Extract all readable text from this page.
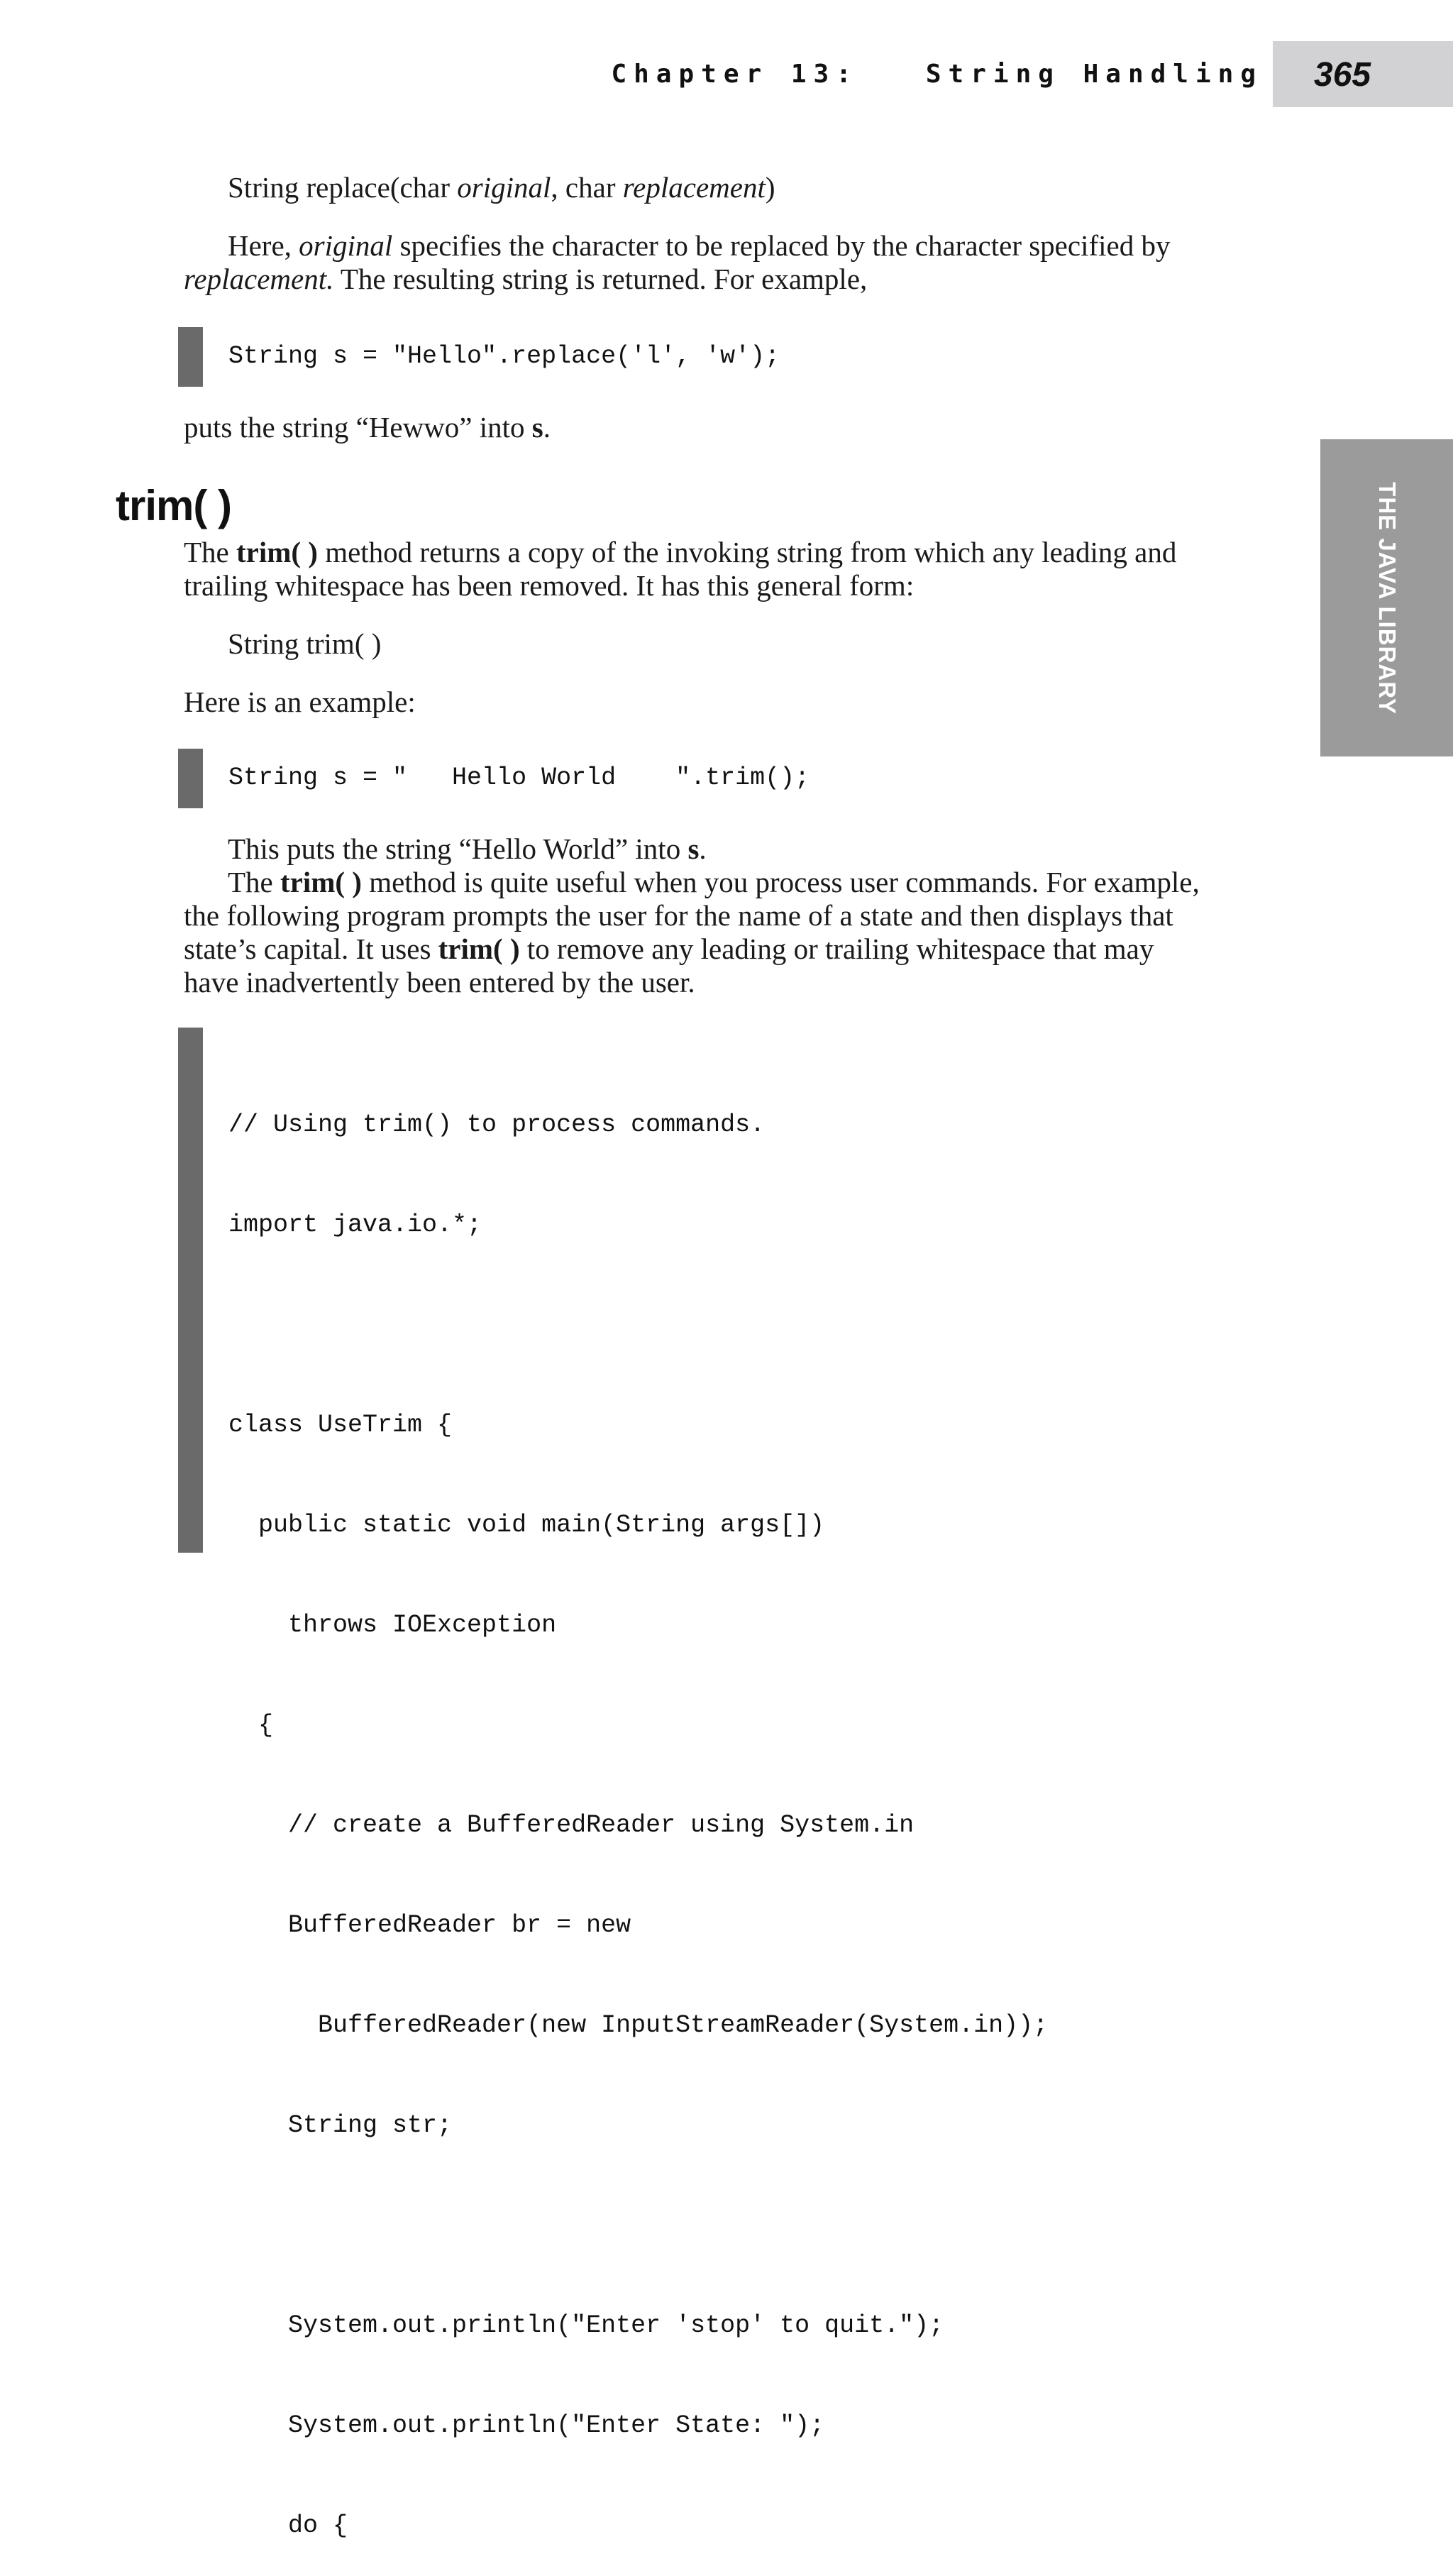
Chapter 13:   String Handling 365
THE JAVA LIBRARY
String replace(char original, char replacement)
Here, original specifies the character to be replaced by the character specified by
replacement. The resulting string is returned. For example,
String s = "Hello".replace('l', 'w');
puts the string “Hewwo” into s.
trim( )
The trim( ) method returns a copy of the invoking string from which any leading and
trailing whitespace has been removed. It has this general form:
String trim( )
Here is an example:
String s = "   Hello World    ".trim();
This puts the string “Hello World” into s.
The trim( ) method is quite useful when you process user commands. For example,
the following program prompts the user for the name of a state and then displays that
state’s capital. It uses trim( ) to remove any leading or trailing whitespace that may
have inadvertently been entered by the user.

// Using trim() to process commands.

import java.io.*;

class UseTrim {

public static void main(String args[])

throws IOException

{

// create a BufferedReader using System.in

BufferedReader br = new

BufferedReader(new InputStreamReader(System.in));

String str;

System.out.println("Enter 'stop' to quit.");

System.out.println("Enter State: ");

do {
